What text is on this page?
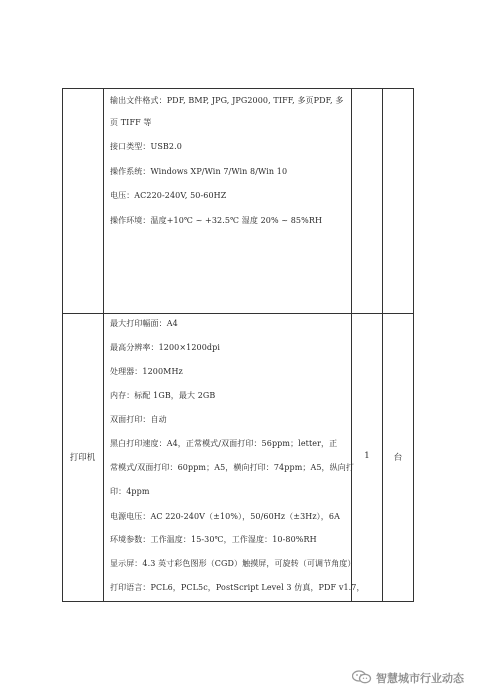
输出文件格式：PDF, BMP, JPG, JPG2000, TIFF, 多页PDF, 多
页 TIFF 等
接口类型：USB2.0
操作系统：Windows XP/Win 7/Win 8/Win 10
电压：AC220-240V, 50-60HZ
操作环境：温度+10℃ ~ +32.5℃ 湿度 20% ~ 85%RH
打印机
最大打印幅面：A4
最高分辨率：1200×1200dpi
处理器：1200MHz
内存：标配 1GB，最大 2GB
双面打印：自动
黑白打印速度：A4，正常模式/双面打印：56ppm；letter，正
常模式/双面打印：60ppm；A5，横向打印：74ppm；A5，纵向打
印：4ppm
电源电压：AC 220-240V（±10%），50/60Hz（±3Hz），6A
环境参数：工作温度：15-30℃，工作湿度：10-80%RH
显示屏：4.3 英寸彩色图形（CGD）触摸屏，可旋转（可调节角度）
打印语言：PCL6，PCL5c，PostScript Level 3 仿真，PDF v1.7，
1	台
智慧城市行业动态
